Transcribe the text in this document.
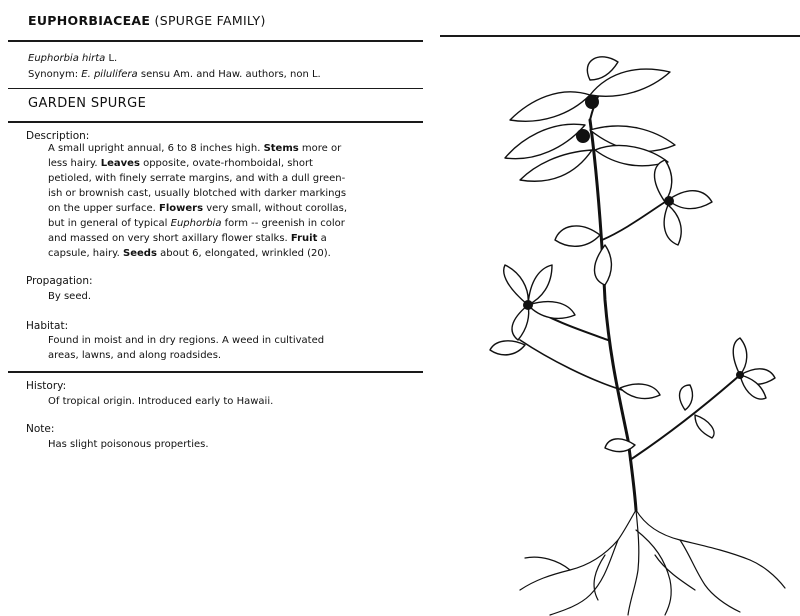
EUPHORBIACEAE (SPURGE FAMILY)
Euphorbia hirta L.
Synonym: E. pilulifera sensu Am. and Haw. authors, non L.
GARDEN SPURGE
Description:
A small upright annual, 6 to 8 inches high. Stems more or
less hairy. Leaves opposite, ovate-rhomboidal, short
petioled, with finely serrate margins, and with a dull green-
ish or brownish cast, usually blotched with darker markings
on the upper surface. Flowers very small, without corollas,
but in general of typical Euphorbia form -- greenish in color
and massed on very short axillary flower stalks. Fruit a
capsule, hairy. Seeds about 6, elongated, wrinkled (20).
Propagation:
By seed.
Habitat:
Found in moist and in dry regions. A weed in cultivated
areas, lawns, and along roadsides.
History:
Of tropical origin. Introduced early to Hawaii.
Note:
Has slight poisonous properties.
